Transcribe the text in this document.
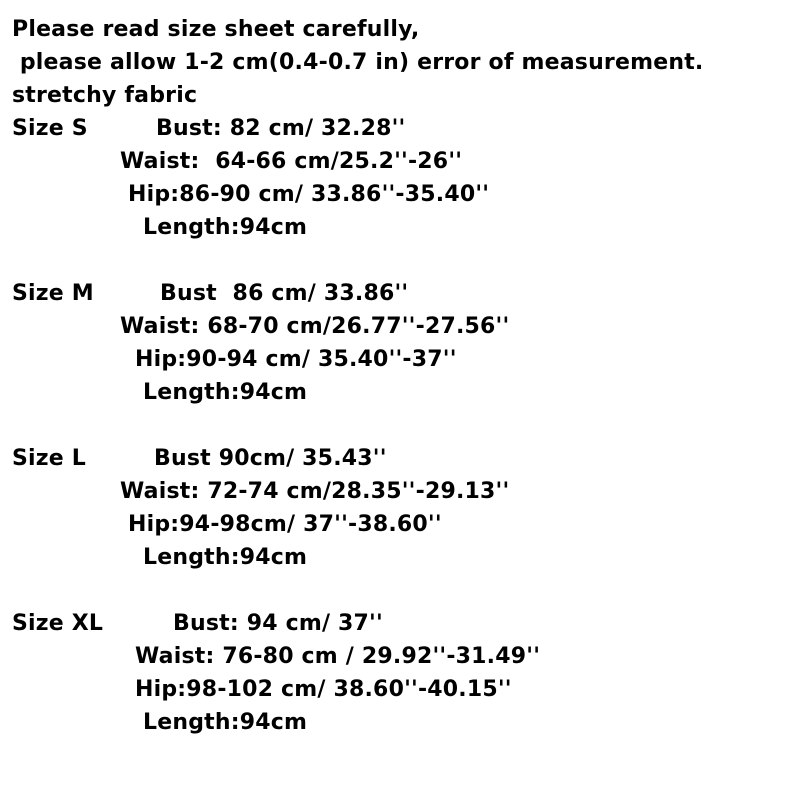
Please read size sheet carefully,
please allow 1-2 cm(0.4-0.7 in) error of measurement.
stretchy fabric
Size S	Bust: 82 cm/ 32.28''
Waist:  64-66 cm/25.2''-26''
Hip:86-90 cm/ 33.86''-35.40''
Length:94cm
Size M	Bust  86 cm/ 33.86''
Waist: 68-70 cm/26.77''-27.56''
Hip:90-94 cm/ 35.40''-37''
Length:94cm
Size L	Bust 90cm/ 35.43''
Waist: 72-74 cm/28.35''-29.13''
Hip:94-98cm/ 37''-38.60''
Length:94cm
Size XL	Bust: 94 cm/ 37''
Waist: 76-80 cm / 29.92''-31.49''
Hip:98-102 cm/ 38.60''-40.15''
Length:94cm
